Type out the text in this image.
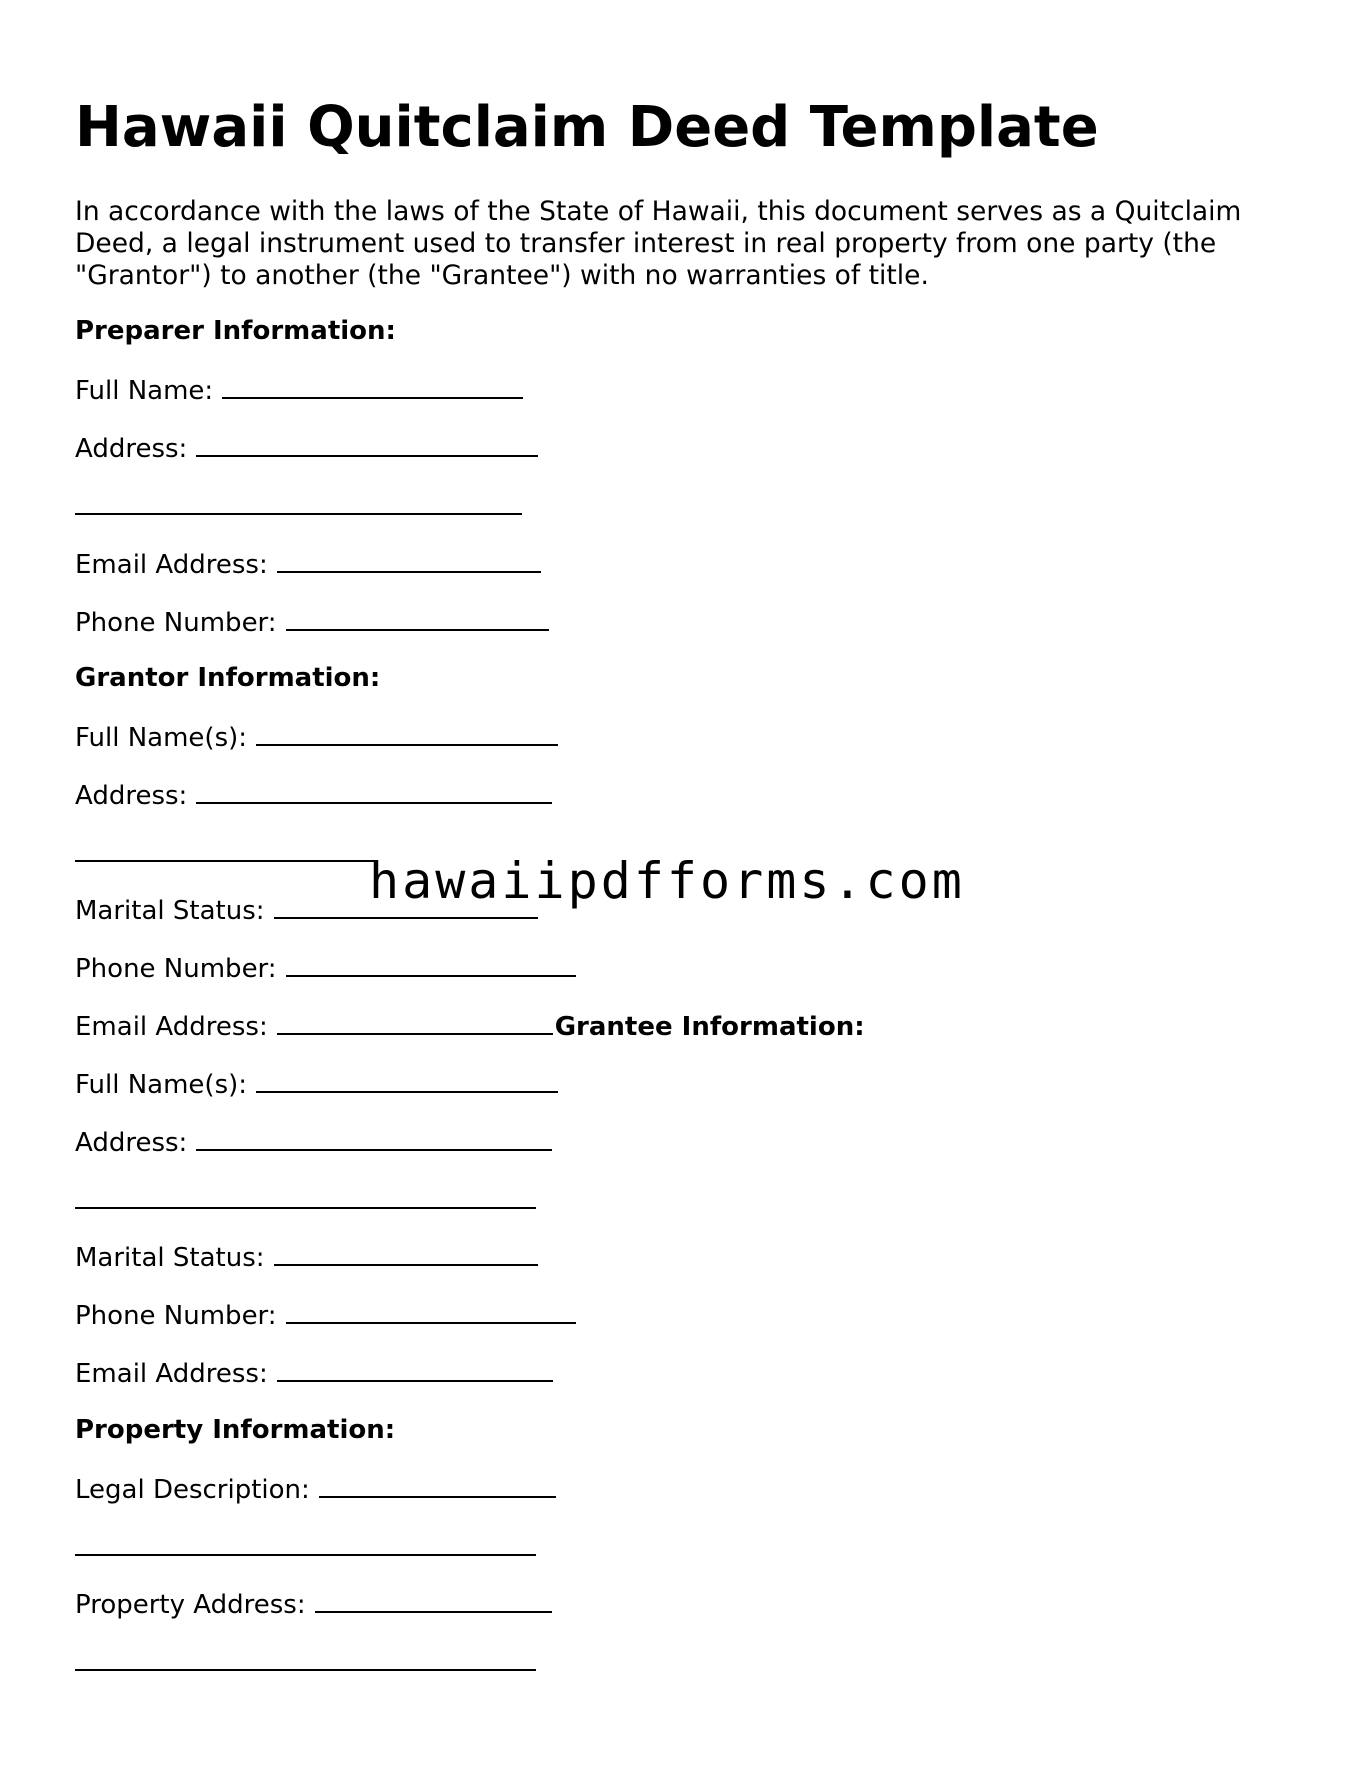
Hawaii Quitclaim Deed Template

In accordance with the laws of the State of Hawaii, this document serves as a Quitclaim Deed, a legal instrument used to transfer interest in real property from one party (the "Grantor") to another (the "Grantee") with no warranties of title.

Preparer Information:
Full Name:
Address:
Email Address:
Phone Number:
Grantor Information:
Full Name(s):
Address:
Marital Status:
Phone Number:
Email Address:	Grantee Information:
Full Name(s):
Address:
Marital Status:
Phone Number:
Email Address:
Property Information:
Legal Description:
Property Address:
hawaiipdfforms.com
